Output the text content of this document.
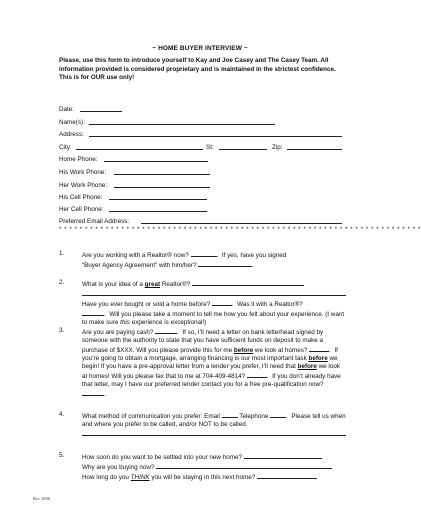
~ HOME BUYER INTERVIEW ~
Please, use this form to introduce yourself to Kay and Joe Casey and The Casey Team. All information provided is considered proprietary and is maintained in the strictest confidence. This is for OUR use only!
Date:
Name(s):
Address:
City:	St:	Zip:
Home Phone:
His Work Phone:
Her Work Phone:
His Cell Phone:
Her Cell Phone:
Preferred Email Address:
* * * * * * * * * * * * * * * * * * * * * * * * * * * * * * * * * * * * * * * * * * * * * * * * * * * * * * * * * * * * * * * * * * * * * *
1.	Are you working with a Realtor® now?	.  If yes, have you signed

“Buyer Agency Agreement” with him/her?	.

2.	What is your idea of a great Realtor®?

Have you ever bought or sold a home before?	.  Was it with a Realtor®?

.  Will you please take a moment to tell me how you felt about your experience. (I want to make sure this experience is exceptional!)

3.	Are you are paying cash?	.  If so, I’ll need a letter on bank letterhead signed by someone with the authority to state that you have sufficient funds on deposit to make a purchase of $XXX. Will you please provide this for me before we look at homes?	.  If you’re going to obtain a mortgage, arranging financing is our most important task before we begin! If you have a pre-approval letter from a lender you prefer, I’ll need that before we look at homes! Will you please fax that to me at 704-409-4814?	.  If you don’t already have that letter, may I have our preferred lender contact you for a free pre-qualification now? .

4.	What method of communication you prefer: Email	Telephone	.  Please tell us when and where you prefer to be called, and/or NOT to be called.

5.	How soon do you want to be settled into your new home?

Why are you buying now?

How long do you THINK you will be staying in this next home?

Rev. 10/06
